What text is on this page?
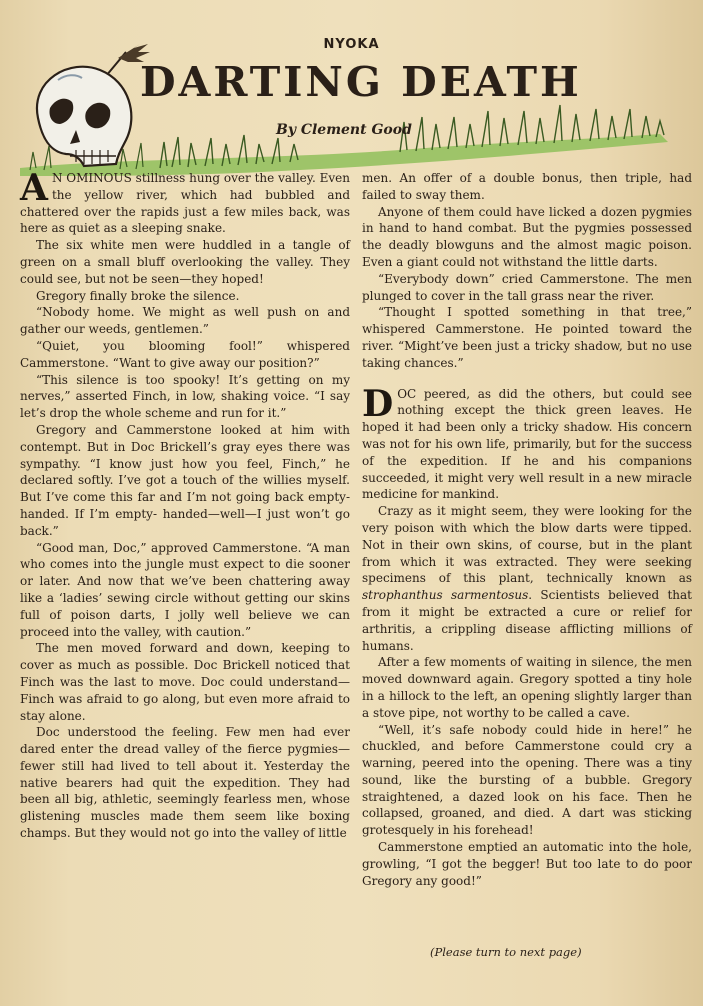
NYOKA
DARTING DEATH
By Clement Good

A N OMINOUS stillness hung over the valley. Even the yellow river, which had bubbled and chattered over the rapids just a few miles back, was here as quiet as a sleeping snake.

The six white men were huddled in a tangle of green on a small bluff overlooking the valley. They could see, but not be seen—they hoped!

Gregory finally broke the silence.

“Nobody home. We might as well push on and gather our weeds, gentlemen.”

“Quiet, you blooming fool!” whispered Cammerstone. “Want to give away our position?”

“This silence is too spooky! It’s getting on my nerves,” asserted Finch, in low, shaking voice. “I say let’s drop the whole scheme and run for it.”

Gregory and Cammerstone looked at him with contempt. But in Doc Brickell’s gray eyes there was sympathy. “I know just how you feel, Finch,” he declared softly. I’ve got a touch of the willies myself. But I’ve come this far and I’m not going back empty-handed. If I’m empty- handed—well—I just won’t go back.”

“Good man, Doc,” approved Cammerstone. “A man who comes into the jungle must expect to die sooner or later. And now that we’ve been chattering away like a ‘ladies’ sewing circle without getting our skins full of poison darts, I jolly well believe we can proceed into the valley, with caution.”

The men moved forward and down, keeping to cover as much as possible. Doc Brickell noticed that Finch was the last to move. Doc could understand—Finch was afraid to go along, but even more afraid to stay alone.

Doc understood the feeling. Few men had ever dared enter the dread valley of the fierce pygmies—fewer still had lived to tell about it. Yesterday the native bearers had quit the expedition. They had been all big, athletic, seemingly fearless men, whose glistening muscles made them seem like boxing champs. But they would not go into the valley of little

men. An offer of a double bonus, then triple, had failed to sway them.

Anyone of them could have licked a dozen pygmies in hand to hand combat. But the pygmies possessed the deadly blowguns and the almost magic poison. Even a giant could not withstand the little darts.

“Everybody down” cried Cammerstone. The men plunged to cover in the tall grass near the river.

“Thought I spotted something in that tree,” whispered Cammerstone. He pointed toward the river. “Might’ve been just a tricky shadow, but no use taking chances.”

DOC peered, as did the others, but could see nothing except the thick green leaves. He hoped it had been only a tricky shadow. His concern was not for his own life, primarily, but for the success of the expedition. If he and his companions succeeded, it might very well result in a new miracle medicine for mankind.

Crazy as it might seem, they were looking for the very poison with which the blow darts were tipped. Not in their own skins, of course, but in the plant from which it was extracted. They were seeking specimens of this plant, technically known as strophanthus sarmentosus. Scientists believed that from it might be extracted a cure or relief for arthritis, a crippling disease afflicting millions of humans.

After a few moments of waiting in silence, the men moved downward again. Gregory spotted a tiny hole in a hillock to the left, an opening slightly larger than a stove pipe, not worthy to be called a cave.

“Well, it’s safe nobody could hide in here!” he chuckled, and before Cammerstone could cry a warning, peered into the opening. There was a tiny sound, like the bursting of a bubble. Gregory straightened, a dazed look on his face. Then he collapsed, groaned, and died. A dart was sticking grotesquely in his forehead!

Cammerstone emptied an automatic into the hole, growling, “I got the begger! But too late to do poor Gregory any good!”

(Please turn to next page)
